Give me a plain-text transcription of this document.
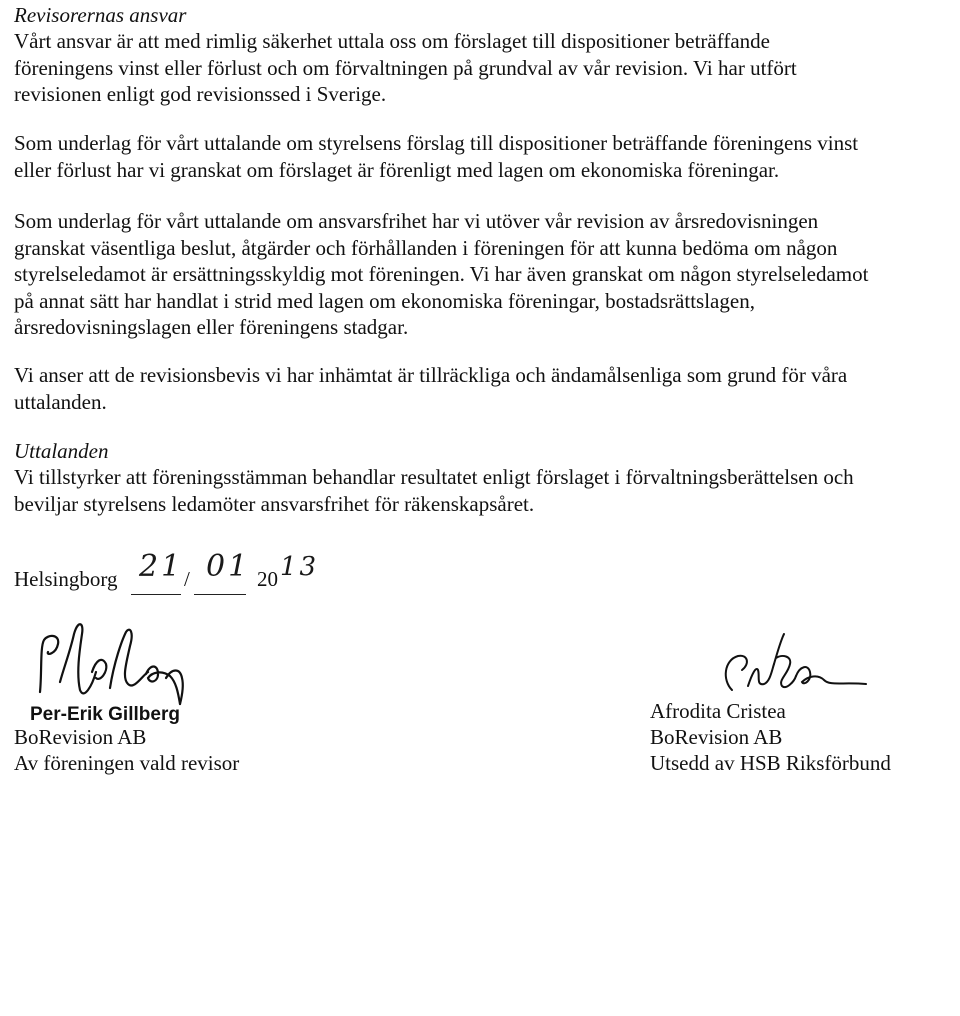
Revisorernas ansvar
Vårt ansvar är att med rimlig säkerhet uttala oss om förslaget till dispositioner beträffande
föreningens vinst eller förlust och om förvaltningen på grundval av vår revision. Vi har utfört
revisionen enligt god revisionssed i Sverige.
Som underlag för vårt uttalande om styrelsens förslag till dispositioner beträffande föreningens vinst
eller förlust har vi granskat om förslaget är förenligt med lagen om ekonomiska föreningar.
Som underlag för vårt uttalande om ansvarsfrihet har vi utöver vår revision av årsredovisningen
granskat väsentliga beslut, åtgärder och förhållanden i föreningen för att kunna bedöma om någon
styrelseledamot är ersättningsskyldig mot föreningen. Vi har även granskat om någon styrelseledamot
på annat sätt har handlat i strid med lagen om ekonomiska föreningar, bostadsrättslagen,
årsredovisningslagen eller föreningens stadgar.
Vi anser att de revisionsbevis vi har inhämtat är tillräckliga och ändamålsenliga som grund för våra
uttalanden.
Uttalanden
Vi tillstyrker att föreningsstämman behandlar resultatet enligt förslaget i förvaltningsberättelsen och
beviljar styrelsens ledamöter ansvarsfrihet för räkenskapsåret.
Helsingborg 21 / 01 20 13
Per-Erik Gillberg
BoRevision AB
Av föreningen vald revisor
Afrodita Cristea
BoRevision AB
Utsedd av HSB Riksförbund
